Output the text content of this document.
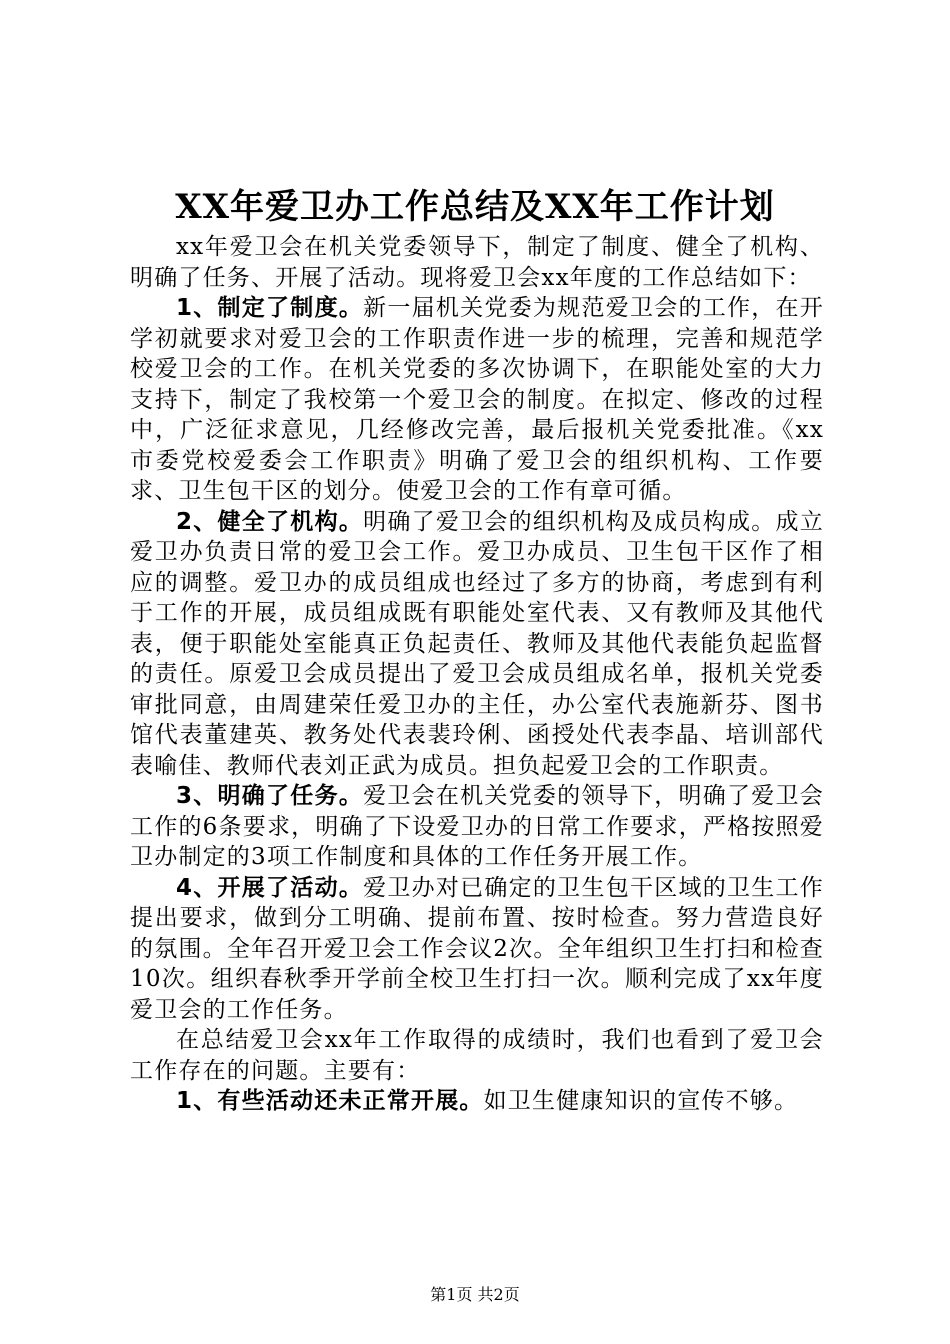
XX年爱卫办工作总结及XX年工作计划

xx年爱卫会在机关党委领导下，制定了制度、健全了机构、明确了任务、开展了活动。现将爱卫会xx年度的工作总结如下：

1、制定了制度。新一届机关党委为规范爱卫会的工作，在开学初就要求对爱卫会的工作职责作进一步的梳理，完善和规范学校爱卫会的工作。在机关党委的多次协调下，在职能处室的大力支持下，制定了我校第一个爱卫会的制度。在拟定、修改的过程中，广泛征求意见，几经修改完善，最后报机关党委批准。《xx市委党校爱委会工作职责》明确了爱卫会的组织机构、工作要求、卫生包干区的划分。使爱卫会的工作有章可循。

2、健全了机构。明确了爱卫会的组织机构及成员构成。成立爱卫办负责日常的爱卫会工作。爱卫办成员、卫生包干区作了相应的调整。爱卫办的成员组成也经过了多方的协商，考虑到有利于工作的开展，成员组成既有职能处室代表、又有教师及其他代表，便于职能处室能真正负起责任、教师及其他代表能负起监督的责任。原爱卫会成员提出了爱卫会成员组成名单，报机关党委审批同意，由周建荣任爱卫办的主任，办公室代表施新芬、图书馆代表董建英、教务处代表裴玲俐、函授处代表李晶、培训部代表喻佳、教师代表刘正武为成员。担负起爱卫会的工作职责。

3、明确了任务。爱卫会在机关党委的领导下，明确了爱卫会工作的6条要求，明确了下设爱卫办的日常工作要求，严格按照爱卫办制定的3项工作制度和具体的工作任务开展工作。

4、开展了活动。爱卫办对已确定的卫生包干区域的卫生工作提出要求，做到分工明确、提前布置、按时检查。努力营造良好的氛围。全年召开爱卫会工作会议2次。全年组织卫生打扫和检查10次。组织春秋季开学前全校卫生打扫一次。顺利完成了xx年度爱卫会的工作任务。

在总结爱卫会xx年工作取得的成绩时，我们也看到了爱卫会工作存在的问题。主要有：

1、有些活动还未正常开展。如卫生健康知识的宣传不够。

第1页 共2页
